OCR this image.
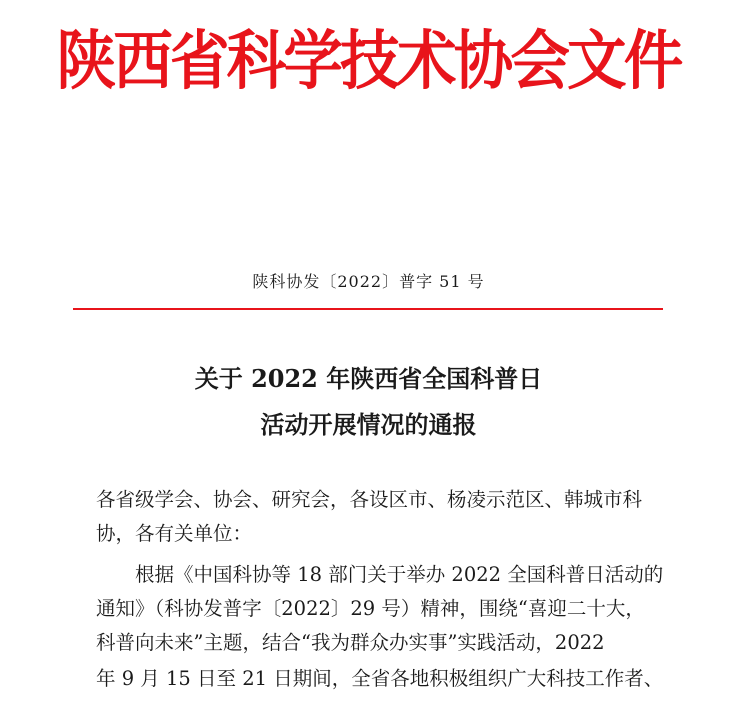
陕西省科学技术协会文件
陕科协发〔2022〕普字 51 号
关于 2022 年陕西省全国科普日
活动开展情况的通报
各省级学会、协会、研究会，各设区市、杨凌示范区、韩城市科
协，各有关单位：
根据《中国科协等 18 部门关于举办 2022 全国科普日活动的
通知》（科协发普字〔2022〕29 号）精神，围绕“喜迎二十大，
科普向未来”主题，结合“我为群众办实事”实践活动，2022
年 9 月 15 日至 21 日期间，全省各地积极组织广大科技工作者、
